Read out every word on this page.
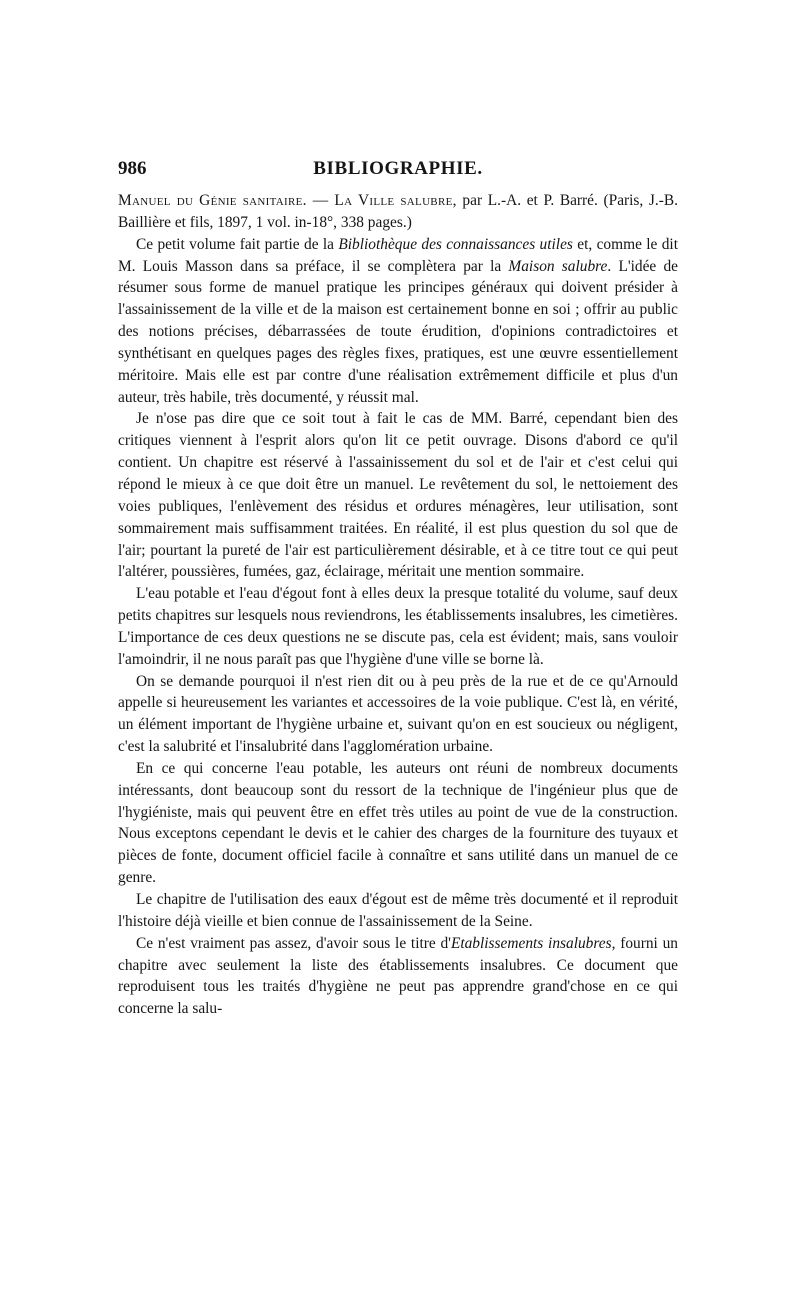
986	BIBLIOGRAPHIE.

Manuel du Génie sanitaire. — La Ville salubre, par L.-A. et P. Barré. (Paris, J.-B. Baillière et fils, 1897, 1 vol. in-18°, 338 pages.)

Ce petit volume fait partie de la Bibliothèque des connaissances utiles et, comme le dit M. Louis Masson dans sa préface, il se complètera par la Maison salubre. L'idée de résumer sous forme de manuel pratique les principes généraux qui doivent présider à l'assainissement de la ville et de la maison est certainement bonne en soi ; offrir au public des notions précises, débarrassées de toute érudition, d'opinions contradictoires et synthétisant en quelques pages des règles fixes, pratiques, est une œuvre essentiellement méritoire. Mais elle est par contre d'une réalisation extrêmement difficile et plus d'un auteur, très habile, très documenté, y réussit mal.

Je n'ose pas dire que ce soit tout à fait le cas de MM. Barré, cependant bien des critiques viennent à l'esprit alors qu'on lit ce petit ouvrage. Disons d'abord ce qu'il contient. Un chapitre est réservé à l'assainissement du sol et de l'air et c'est celui qui répond le mieux à ce que doit être un manuel. Le revêtement du sol, le nettoiement des voies publiques, l'enlèvement des résidus et ordures ménagères, leur utilisation, sont sommairement mais suffisamment traitées. En réalité, il est plus question du sol que de l'air; pourtant la pureté de l'air est particulièrement désirable, et à ce titre tout ce qui peut l'altérer, poussières, fumées, gaz, éclairage, méritait une mention sommaire.

L'eau potable et l'eau d'égout font à elles deux la presque totalité du volume, sauf deux petits chapitres sur lesquels nous reviendrons, les établissements insalubres, les cimetières. L'importance de ces deux questions ne se discute pas, cela est évident; mais, sans vouloir l'amoindrir, il ne nous paraît pas que l'hygiène d'une ville se borne là.

On se demande pourquoi il n'est rien dit ou à peu près de la rue et de ce qu'Arnould appelle si heureusement les variantes et accessoires de la voie publique. C'est là, en vérité, un élément important de l'hygiène urbaine et, suivant qu'on en est soucieux ou négligent, c'est la salubrité et l'insalubrité dans l'agglomération urbaine.

En ce qui concerne l'eau potable, les auteurs ont réuni de nombreux documents intéressants, dont beaucoup sont du ressort de la technique de l'ingénieur plus que de l'hygiéniste, mais qui peuvent être en effet très utiles au point de vue de la construction. Nous exceptons cependant le devis et le cahier des charges de la fourniture des tuyaux et pièces de fonte, document officiel facile à connaître et sans utilité dans un manuel de ce genre.

Le chapitre de l'utilisation des eaux d'égout est de même très documenté et il reproduit l'histoire déjà vieille et bien connue de l'assainissement de la Seine.

Ce n'est vraiment pas assez, d'avoir sous le titre d'Etablissements insalubres, fourni un chapitre avec seulement la liste des établissements insalubres. Ce document que reproduisent tous les traités d'hygiène ne peut pas apprendre grand'chose en ce qui concerne la salu-
